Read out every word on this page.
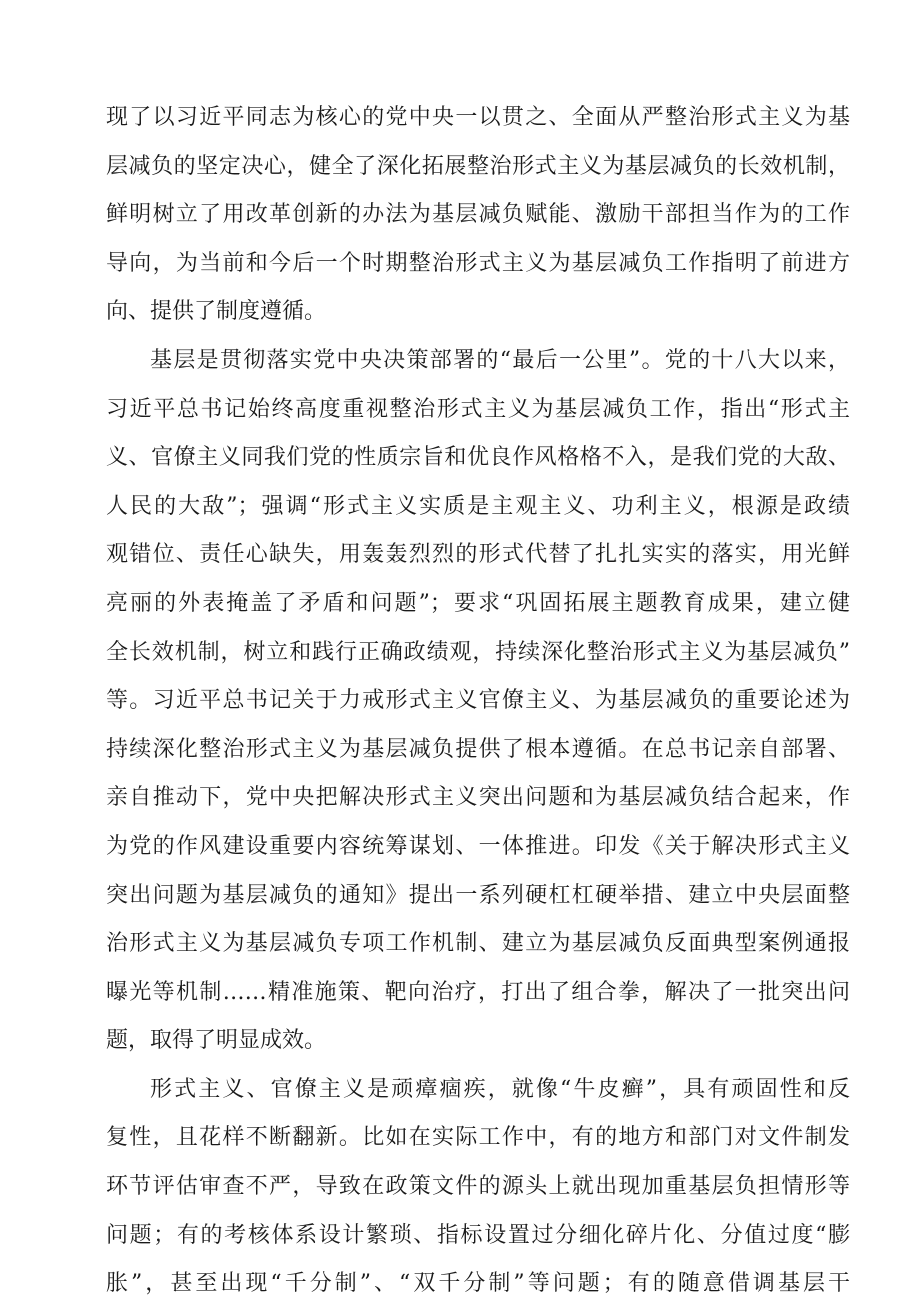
现了以习近平同志为核心的党中央一以贯之、全面从严整治形式主义为基
层减负的坚定决心，健全了深化拓展整治形式主义为基层减负的长效机制，
鲜明树立了用改革创新的办法为基层减负赋能、激励干部担当作为的工作
导向，为当前和今后一个时期整治形式主义为基层减负工作指明了前进方
向、提供了制度遵循。
基层是贯彻落实党中央决策部署的“最后一公里”。党的十八大以来，
习近平总书记始终高度重视整治形式主义为基层减负工作，指出“形式主
义、官僚主义同我们党的性质宗旨和优良作风格格不入，是我们党的大敌、
人民的大敌”；强调“形式主义实质是主观主义、功利主义，根源是政绩
观错位、责任心缺失，用轰轰烈烈的形式代替了扎扎实实的落实，用光鲜
亮丽的外表掩盖了矛盾和问题”；要求“巩固拓展主题教育成果，建立健
全长效机制，树立和践行正确政绩观，持续深化整治形式主义为基层减负”
等。习近平总书记关于力戒形式主义官僚主义、为基层减负的重要论述为
持续深化整治形式主义为基层减负提供了根本遵循。在总书记亲自部署、
亲自推动下，党中央把解决形式主义突出问题和为基层减负结合起来，作
为党的作风建设重要内容统筹谋划、一体推进。印发《关于解决形式主义
突出问题为基层减负的通知》提出一系列硬杠杠硬举措、建立中央层面整
治形式主义为基层减负专项工作机制、建立为基层减负反面典型案例通报
曝光等机制……精准施策、靶向治疗，打出了组合拳，解决了一批突出问
题，取得了明显成效。
形式主义、官僚主义是顽瘴痼疾，就像“牛皮癣”，具有顽固性和反
复性，且花样不断翻新。比如在实际工作中，有的地方和部门对文件制发
环节评估审查不严，导致在政策文件的源头上就出现加重基层负担情形等
问题；有的考核体系设计繁琐、指标设置过分细化碎片化、分值过度“膨
胀”，甚至出现“千分制”、“双千分制”等问题；有的随意借调基层干
